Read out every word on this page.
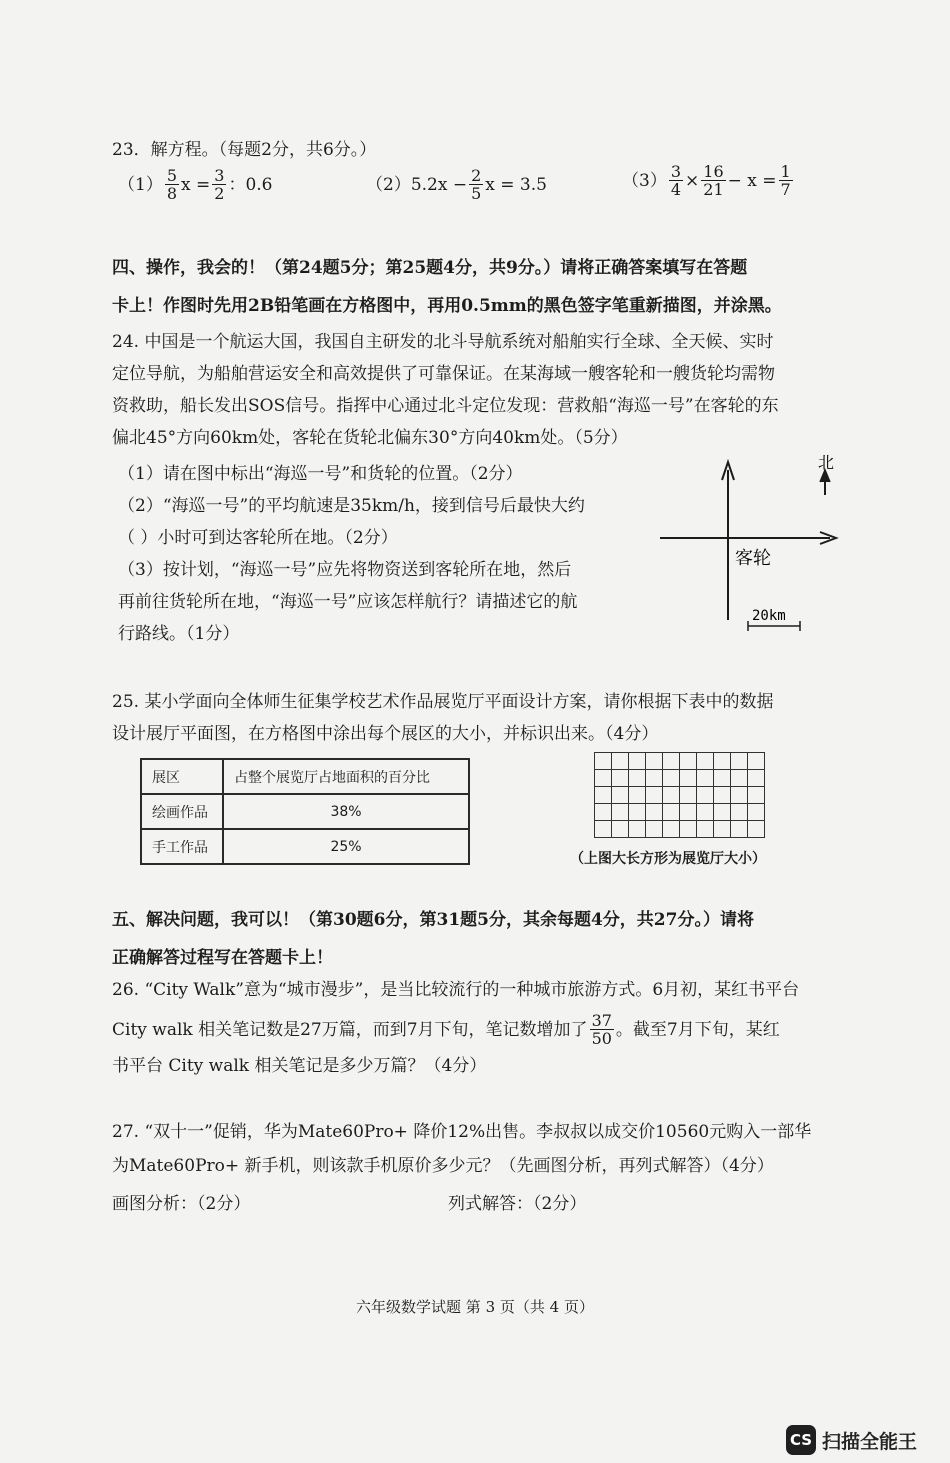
23．解方程。（每题2分，共6分。）
$(1) \frac{5}{8}$ $x = \frac{3}{2}$ ：0.6	$(2)5.2x - \frac{2}{5}$ x = 3.5	$(3) \frac{3}{4} \times \frac{16}{21} - x = \frac{1}{7}$
四、操作，我会的！（第24题5分；第25题4分，共9分。）请将正确答案填写在答题
卡上！作图时先用2B铅笔画在方格图中，再用0.5mm的黑色签字笔重新描图，并涂黑。
24. 中国是一个航运大国，我国自主研发的北斗导航系统对船舶实行全球、全天候、实时
定位导航，为船舶营运安全和高效提供了可靠保证。在某海域一艘客轮和一艘货轮均需物
资救助，船长发出SOS信号。指挥中心通过北斗定位发现：营救船“海巡一号”在客轮的东
偏北45°方向60km处，客轮在货轮北偏东30°方向40km处。（5分）
（1）请在图中标出“海巡一号”和货轮的位置。（2分）
（2）“海巡一号”的平均航速是35km/h，接到信号后最快大约
（ ）小时可到达客轮所在地。（2分）
（3）按计划，“海巡一号”应先将物资送到客轮所在地，然后
再前往货轮所在地，“海巡一号”应该怎样航行？请描述它的航
行路线。（1分）
北
客轮
20km
25. 某小学面向全体师生征集学校艺术作品展览厅平面设计方案，请你根据下表中的数据
设计展厅平面图，在方格图中涂出每个展区的大小，并标识出来。（4分）
展区	占整个展览厅占地面积的百分比
绘画作品	38%
手工作品	25%
（上图大长方形为展览厅大小）
五、解决问题，我可以！（第30题6分，第31题5分，其余每题4分，共27分。）请将
正确解答过程写在答题卡上！
26. “City Walk”意为“城市漫步”，是当比较流行的一种城市旅游方式。6月初，某红书平台
City walk 相关笔记数是27万篇，而到7月下旬，笔记数增加了 $\frac{37}{50}$ 。截至7月下旬，某红
书平台 City walk 相关笔记是多少万篇？（4分）
27. “双十一”促销，华为Mate60Pro+ 降价12%出售。李叔叔以成交价10560元购入一部华
为Mate60Pro+ 新手机，则该款手机原价多少元？（先画图分析，再列式解答）（4分）
画图分析：（2分）	列式解答：（2分）
六年级数学试题 第 3 页（共 4 页）
CS 扫描全能王
